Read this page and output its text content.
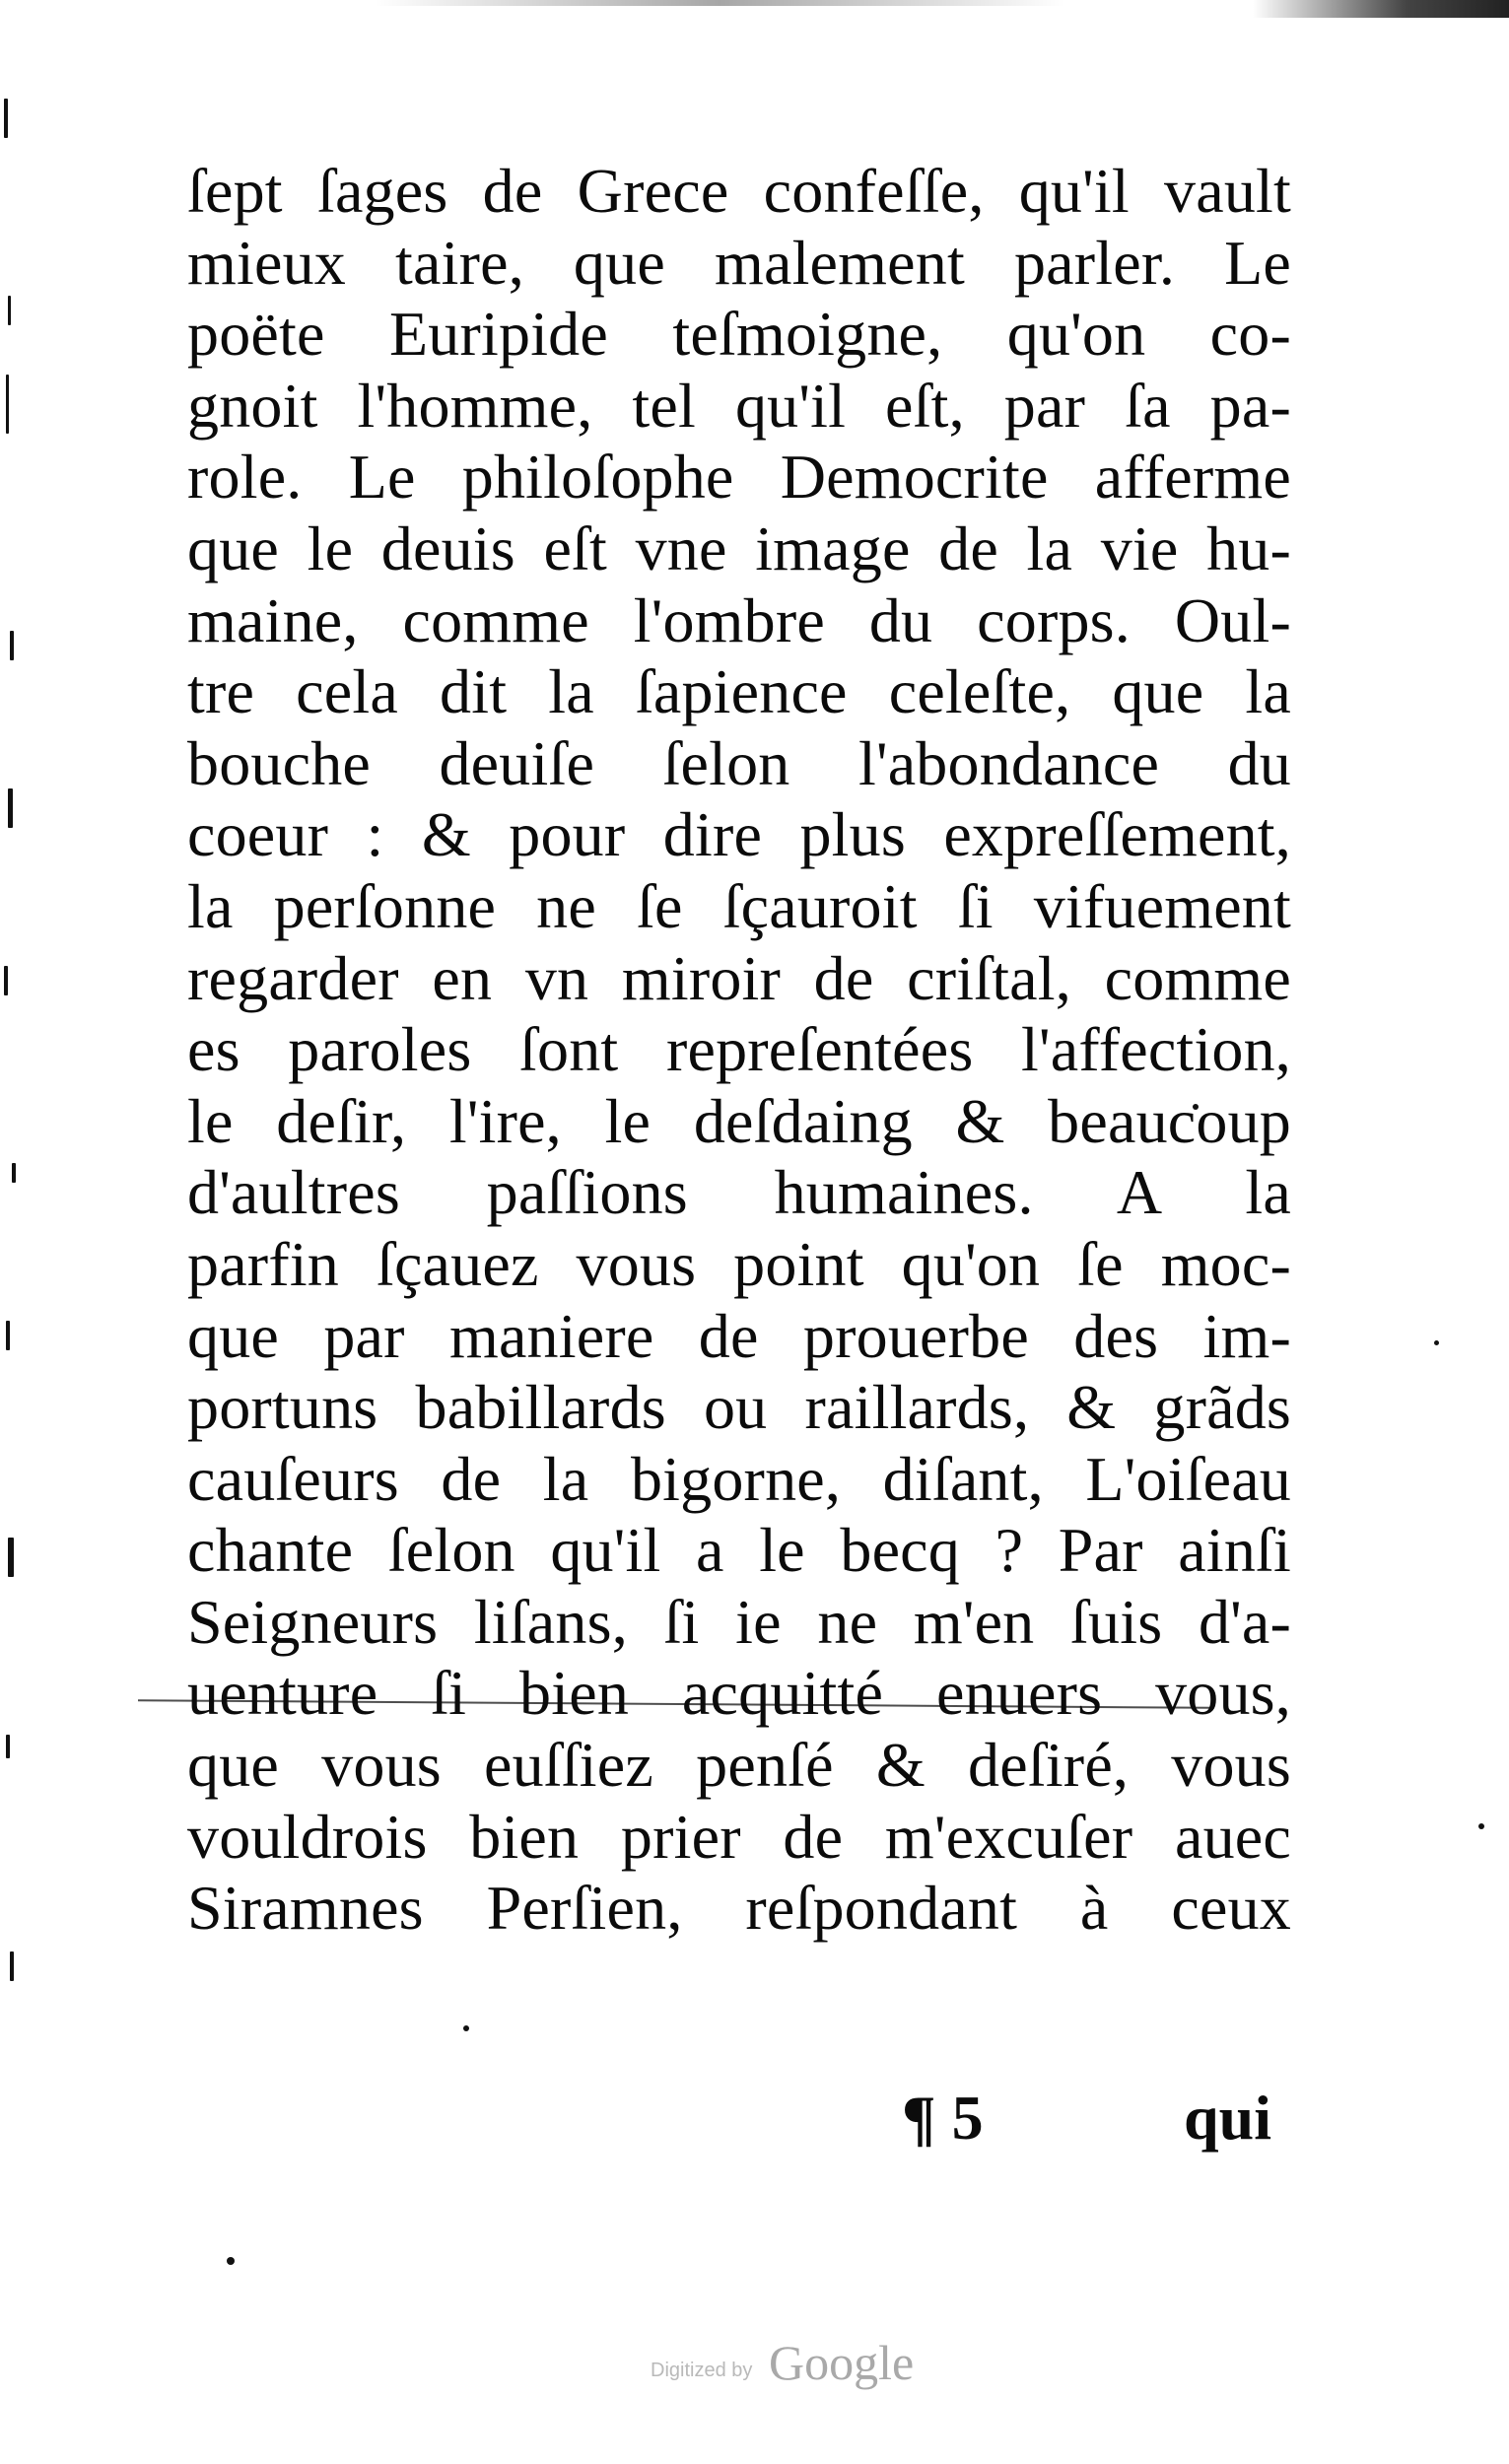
ſept ſages de Grece confeſſe, qu'il vault
mieux taire, que malement parler. Le
poëte Euripide teſmoigne, qu'on co-
gnoit l'homme, tel qu'il eſt, par ſa pa-
role. Le philoſophe Democrite afferme
que le deuis eſt vne image de la vie hu-
maine, comme l'ombre du corps. Oul-
tre cela dit la ſapience celeſte, que la
bouche deuiſe ſelon l'abondance du
coeur : & pour dire plus expreſſement,
la perſonne ne ſe ſçauroit ſi vifuement
regarder en vn miroir de criſtal, comme
es paroles ſont repreſentées l'affection,
le deſir, l'ire, le deſdaing & beaucoup
d'aultres paſſions humaines. A la
parfin ſçauez vous point qu'on ſe moc-
que par maniere de prouerbe des im-
portuns babillards ou raillards, & grãds
cauſeurs de la bigorne, diſant, L'oiſeau
chante ſelon qu'il a le becq ? Par ainſi
Seigneurs liſans, ſi ie ne m'en ſuis d'a-
uenture ſi bien acquitté enuers vous,
que vous euſſiez penſé & deſiré, vous
vouldrois bien prier de m'excuſer auec
Siramnes Perſien, reſpondant à ceux
¶ 5	qui
Digitized by Google
